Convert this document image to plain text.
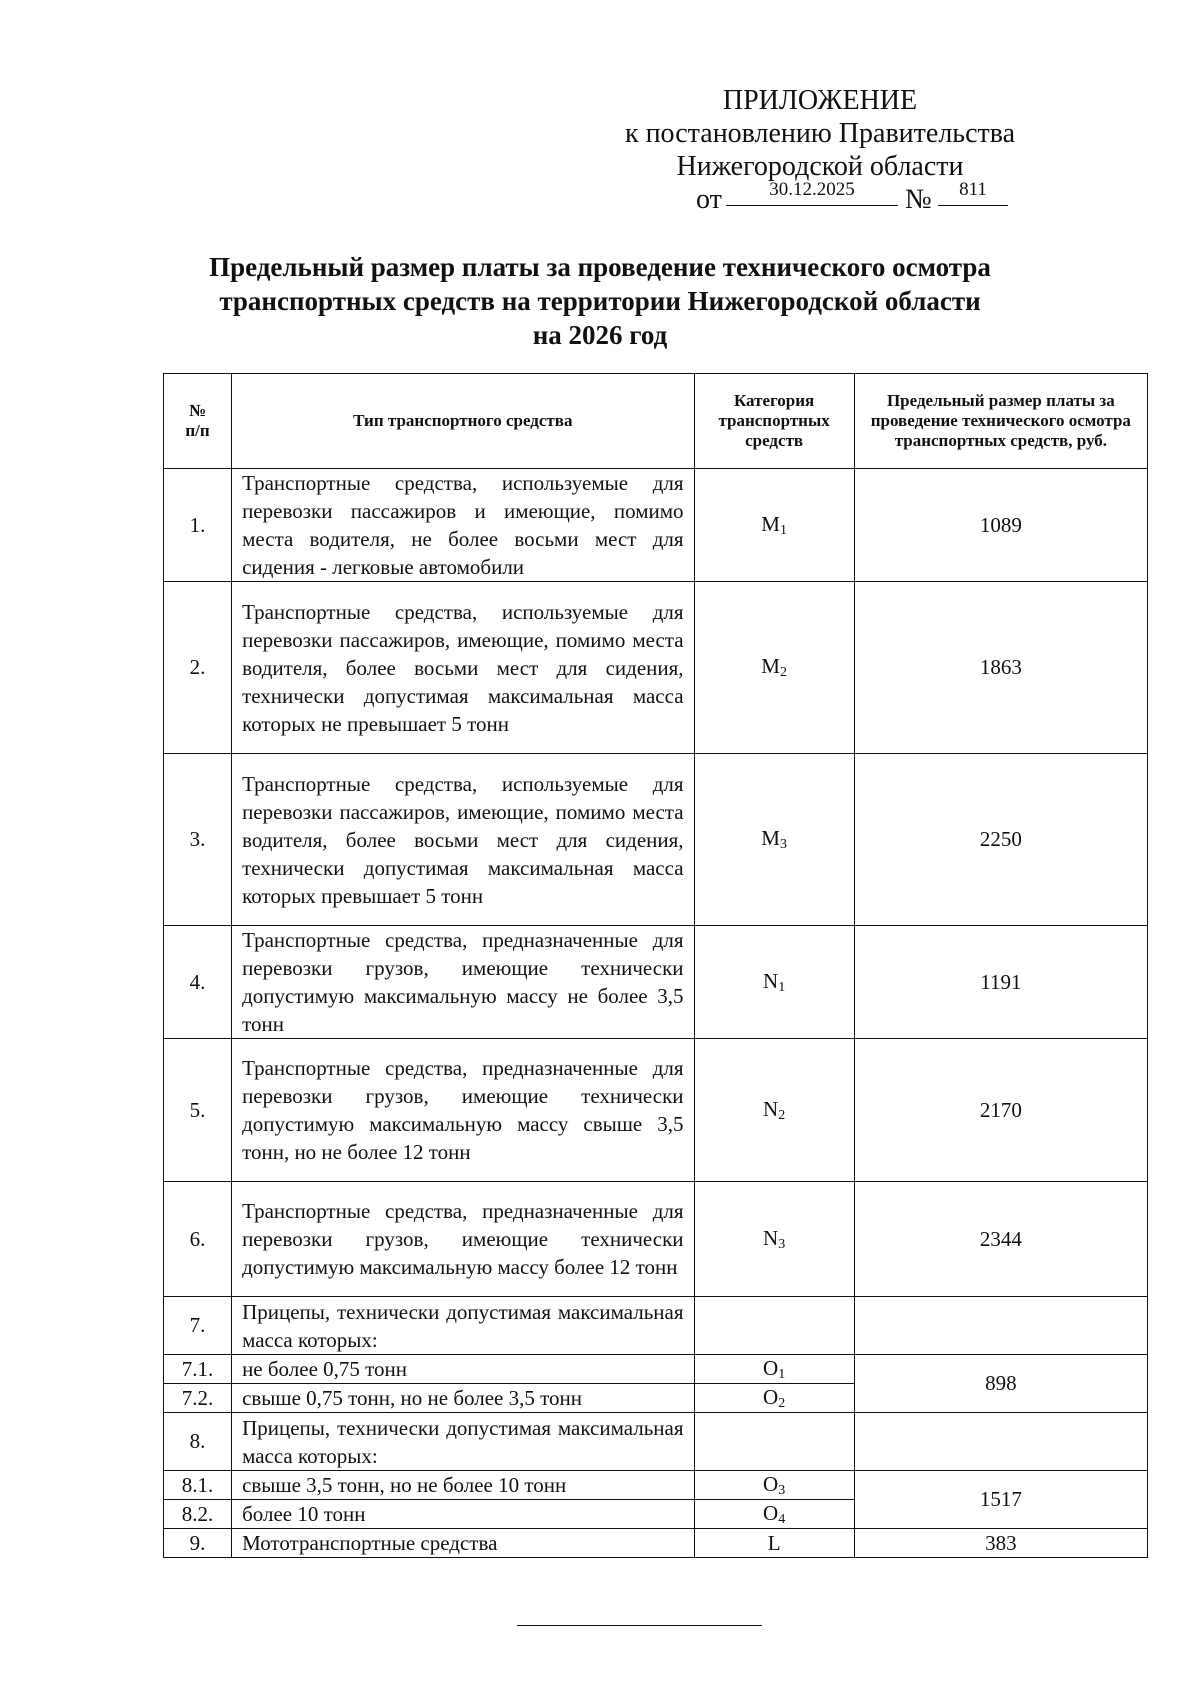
ПРИЛОЖЕНИЕ
к постановлению Правительства
Нижегородской области
от	30.12.2025	№	811
Предельный размер платы за проведение технического осмотра
транспортных средств на территории Нижегородской области
на 2026 год
№ п/п	Тип транспортного средства	Категория транспортных средств	Предельный размер платы за проведение технического осмотра транспортных средств, руб.
1.	Транспортные средства, используемые для перевозки пассажиров и имеющие, помимо места водителя, не более восьми мест для сидения - легковые автомобили	$M_1$	1089
2.	Транспортные средства, используемые для перевозки пассажиров, имеющие, помимо места водителя, более восьми мест для сидения, технически допустимая максимальная масса которых не превышает 5 тонн	$M_2$	1863
3.	Транспортные средства, используемые для перевозки пассажиров, имеющие, помимо места водителя, более восьми мест для сидения, технически допустимая максимальная масса которых превышает 5 тонн	$M_3$	2250
4.	Транспортные средства, предназначенные для перевозки грузов, имеющие технически допустимую максимальную массу не более 3,5 тонн	$N_1$	1191
5.	Транспортные средства, предназначенные для перевозки грузов, имеющие технически допустимую максимальную массу свыше 3,5 тонн, но не более 12 тонн	$N_2$	2170
6.	Транспортные средства, предназначенные для перевозки грузов, имеющие технически допустимую максимальную массу более 12 тонн	$N_3$	2344
7.	Прицепы, технически допустимая максимальная масса которых:		
7.1.	не более 0,75 тонн	$O_1$	898
7.2.	свыше 0,75 тонн, но не более 3,5 тонн	$O_2$
8.	Прицепы, технически допустимая максимальная масса которых:		
8.1.	свыше 3,5 тонн, но не более 10 тонн	$O_3$	1517
8.2.	более 10 тонн	$O_4$
9.	Мототранспортные средства	L	383
